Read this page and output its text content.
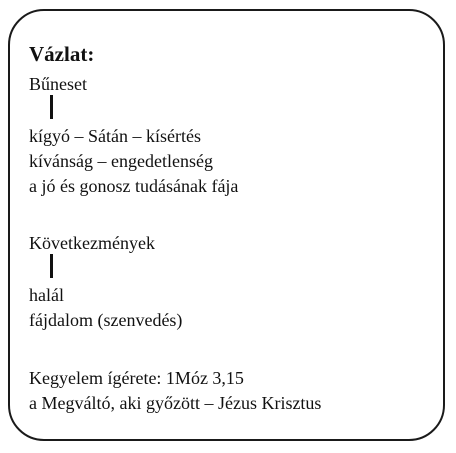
Vázlat:
Bűneset
kígyó – Sátán – kísértés
kívánság – engedetlenség
a jó és gonosz tudásának fája
Következmények
halál
fájdalom (szenvedés)
Kegyelem ígérete: 1Móz 3,15
a Megváltó, aki győzött – Jézus Krisztus
